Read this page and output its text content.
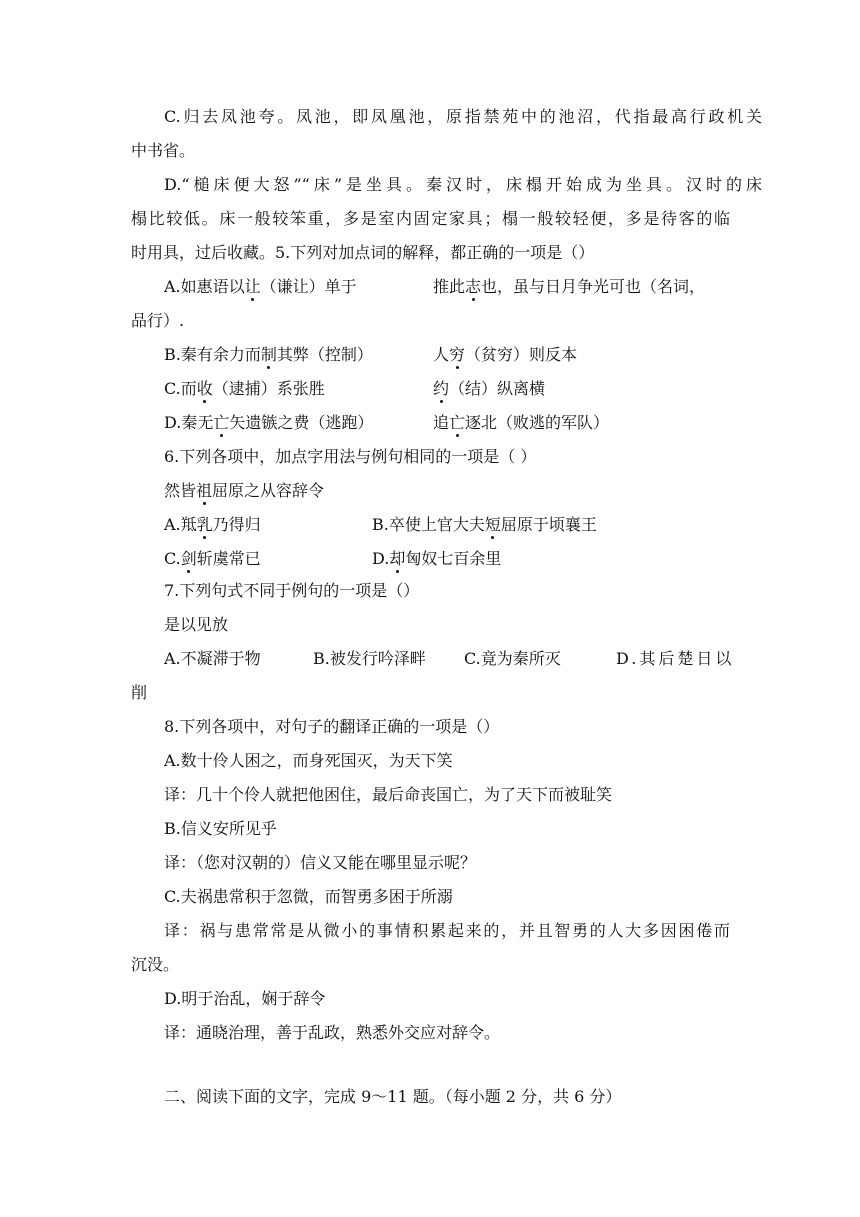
C.归去凤池夸。凤池，即凤凰池，原指禁苑中的池沼，代指最高行政机关
中书省。
D.“槌床便大怒”“床”是坐具。秦汉时，床榻开始成为坐具。汉时的床
榻比较低。床一般较笨重，多是室内固定家具；榻一般较轻便，多是待客的临
时用具，过后收藏。5.下列对加点词的解释，都正确的一项是（）
A.如惠语以让（谦让）单于	推此志也，虽与日月争光可也（名词，
品行）.
B.秦有余力而制其弊（控制）	人穷（贫穷）则反本
C.而收（逮捕）系张胜	约（结）纵离横
D.秦无亡矢遗镞之费（逃跑）	追亡逐北（败逃的军队）
6.下列各项中，加点字用法与例句相同的一项是（ ）
然皆祖屈原之从容辞令
A.羝乳乃得归	B.卒使上官大夫短屈原于顷襄王
C.剑斩虞常已	D.却匈奴七百余里
7.下列句式不同于例句的一项是（）
是以见放
A.不凝滞于物	B.被发行吟泽畔 C.竟为秦所灭	D.其后楚日以
削
8.下列各项中，对句子的翻译正确的一项是（）
A.数十伶人困之，而身死国灭，为天下笑
译：几十个伶人就把他困住，最后命丧国亡，为了天下而被耻笑
B.信义安所见乎
译：（您对汉朝的）信义又能在哪里显示呢？
C.夫祸患常积于忽微，而智勇多困于所溺
译：祸与患常常是从微小的事情积累起来的，并且智勇的人大多因困倦而
沉没。
D.明于治乱，娴于辞令
译：通晓治理，善于乱政，熟悉外交应对辞令。
二、阅读下面的文字，完成 9～11 题。（每小题 2 分，共 6 分）
